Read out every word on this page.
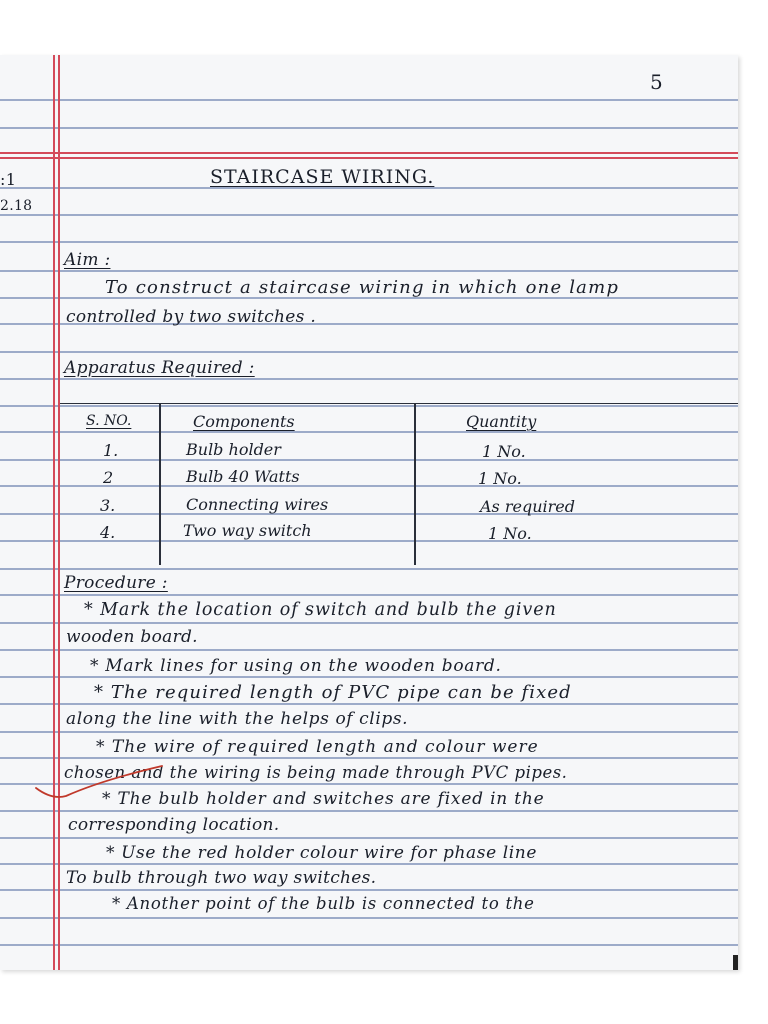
5
:1
2.18
STAIRCASE WIRING.
Aim :
To construct a staircase wiring in which one lamp
controlled by two switches .
Apparatus Required :
S. NO.	Components	Quantity
1.	Bulb holder	1 No.
2	Bulb 40 Watts	1 No.
3.	Connecting wires	As required
4.	Two way switch	1 No.
Procedure :
* Mark the location of switch and bulb the given
wooden board.
* Mark lines for using on the wooden board.
* The required length of PVC pipe can be fixed
along the line with the helps of clips.
* The wire of required length and colour were
chosen and the wiring is being made through PVC pipes.
* The bulb holder and switches are fixed in the
corresponding location.
* Use the red holder colour wire for phase line
To bulb through two way switches.
* Another point of the bulb is connected to the
